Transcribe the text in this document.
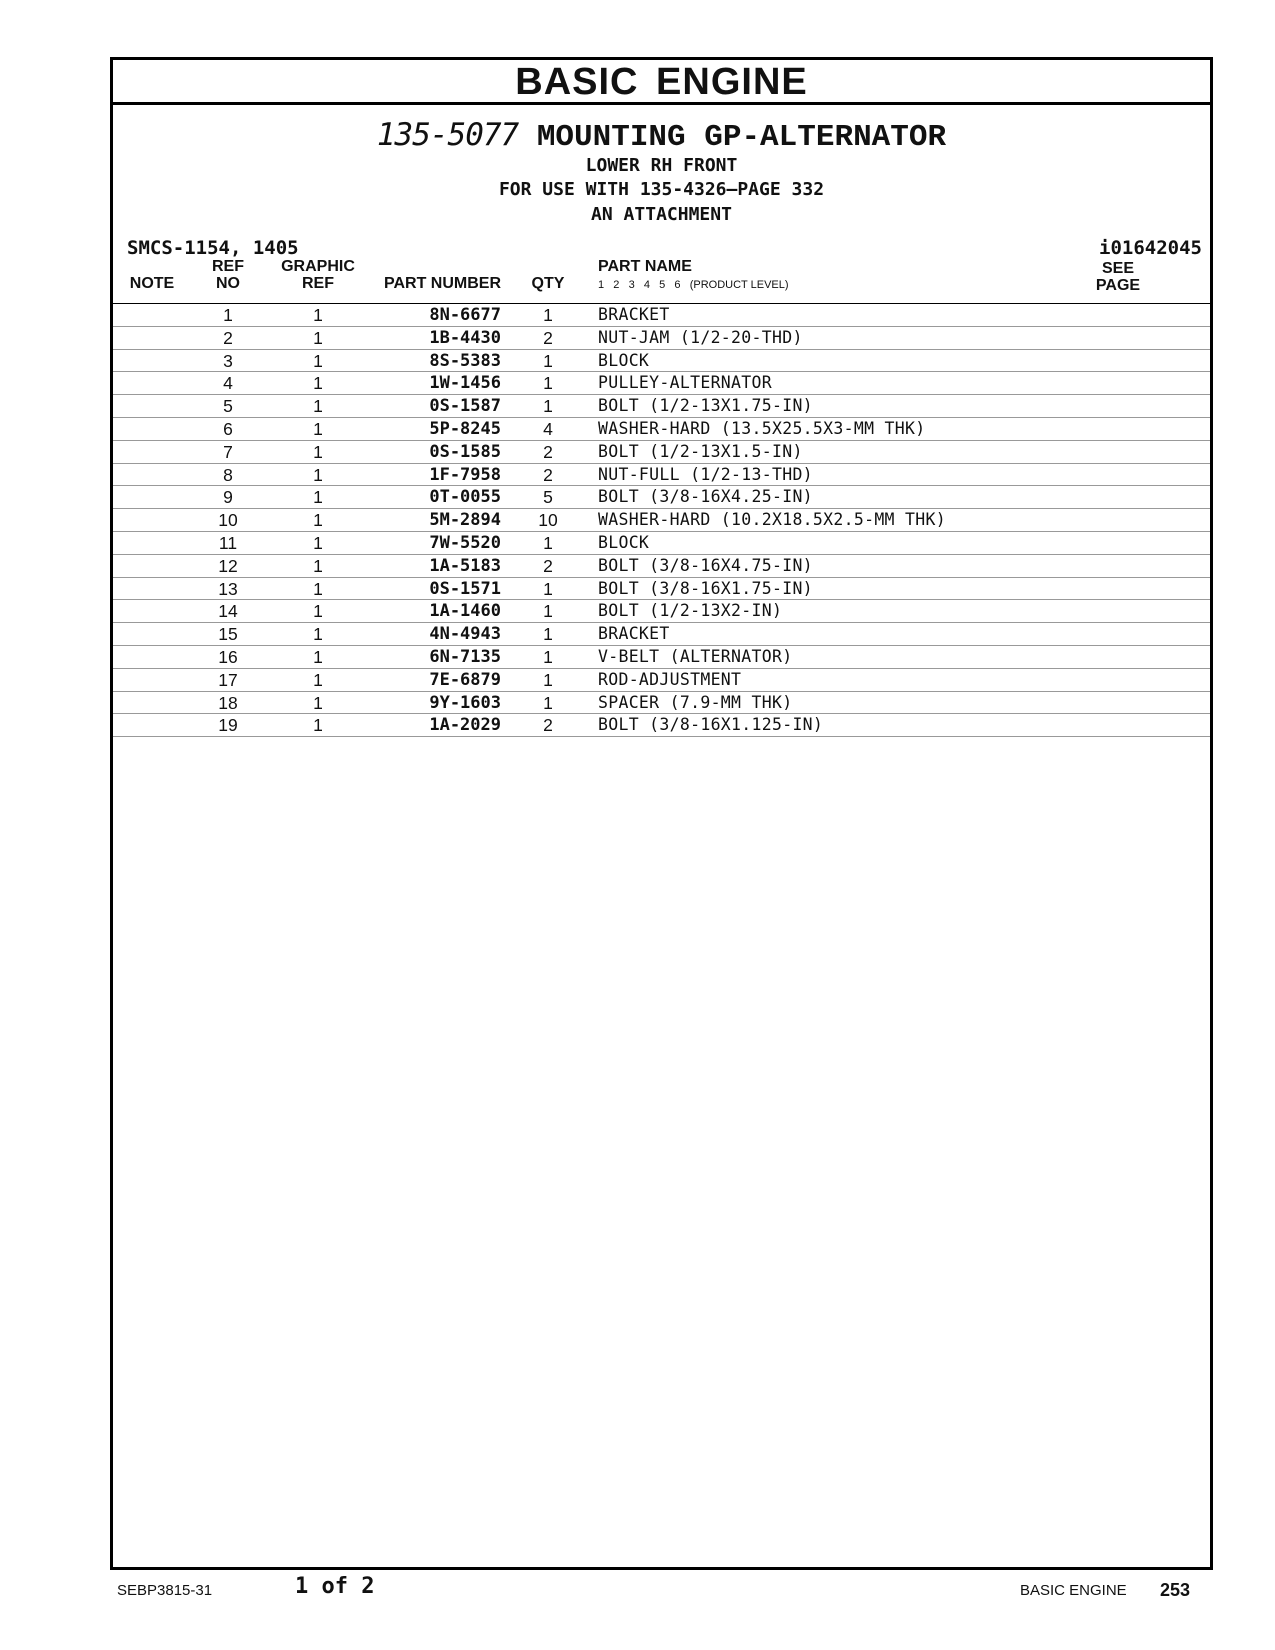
BASIC ENGINE
135-5077 MOUNTING GP-ALTERNATOR
LOWER RH FRONT
FOR USE WITH 135-4326—PAGE 332
AN ATTACHMENT
SMCS-1154, 1405	i01642045
NOTE
REF
NO
GRAPHIC
REF	PART NUMBER	QTY
PART NAME
1   2   3   4   5   6   (PRODUCT LEVEL)
SEE
PAGE
1	1	8N-6677	1	BRACKET
2	1	1B-4430	2	NUT-JAM (1/2-20-THD)
3	1	8S-5383	1	BLOCK
4	1	1W-1456	1	PULLEY-ALTERNATOR
5	1	0S-1587	1	BOLT (1/2-13X1.75-IN)
6	1	5P-8245	4	WASHER-HARD (13.5X25.5X3-MM THK)
7	1	0S-1585	2	BOLT (1/2-13X1.5-IN)
8	1	1F-7958	2	NUT-FULL (1/2-13-THD)
9	1	0T-0055	5	BOLT (3/8-16X4.25-IN)
10	1	5M-2894	10	WASHER-HARD (10.2X18.5X2.5-MM THK)
11	1	7W-5520	1	BLOCK
12	1	1A-5183	2	BOLT (3/8-16X4.75-IN)
13	1	0S-1571	1	BOLT (3/8-16X1.75-IN)
14	1	1A-1460	1	BOLT (1/2-13X2-IN)
15	1	4N-4943	1	BRACKET
16	1	6N-7135	1	V-BELT (ALTERNATOR)
17	1	7E-6879	1	ROD-ADJUSTMENT
18	1	9Y-1603	1	SPACER (7.9-MM THK)
19	1	1A-2029	2	BOLT (3/8-16X1.125-IN)
SEBP3815-31	1 of 2	BASIC ENGINE 253
